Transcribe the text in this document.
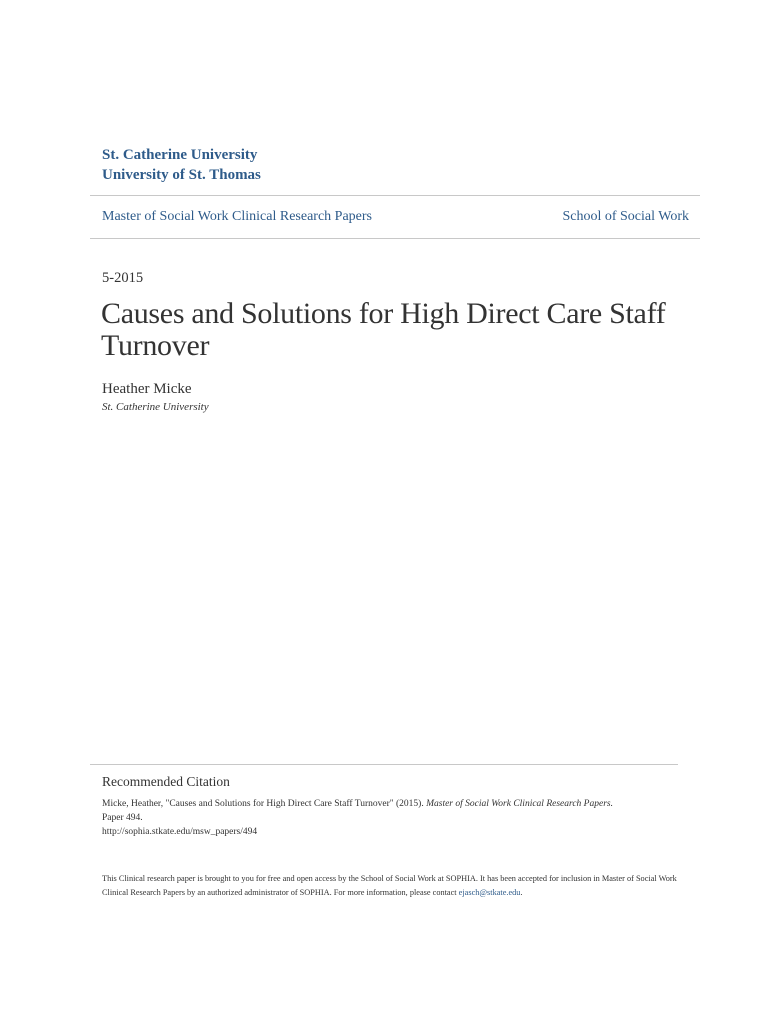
St. Catherine University
University of St. Thomas
Master of Social Work Clinical Research Papers	School of Social Work
5-2015
Causes and Solutions for High Direct Care Staff Turnover
Heather Micke
St. Catherine University
Recommended Citation
Micke, Heather, "Causes and Solutions for High Direct Care Staff Turnover" (2015). Master of Social Work Clinical Research Papers.
Paper 494.
http://sophia.stkate.edu/msw_papers/494
This Clinical research paper is brought to you for free and open access by the School of Social Work at SOPHIA. It has been accepted for inclusion in Master of Social Work Clinical Research Papers by an authorized administrator of SOPHIA. For more information, please contact ejasch@stkate.edu.
